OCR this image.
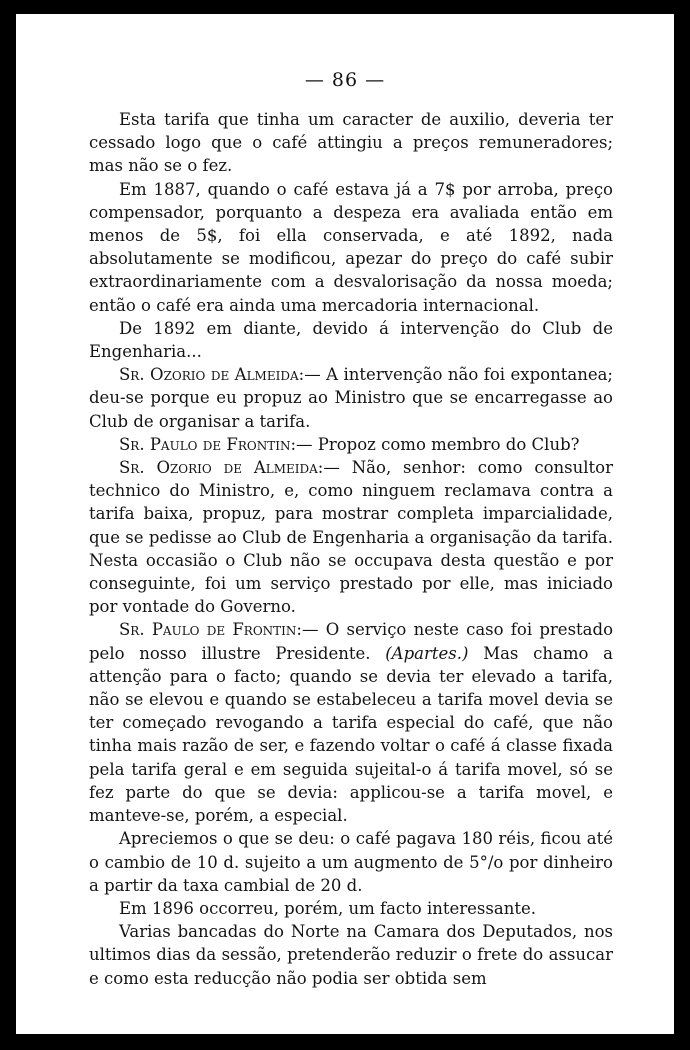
— 86 —

Esta tarifa que tinha um caracter de auxilio, deveria ter cessado logo que o café attingiu a preços remuneradores; mas não se o fez.

Em 1887, quando o café estava já a 7$ por arroba, preço compensador, porquanto a despeza era avaliada então em menos de 5$, foi ella conservada, e até 1892, nada absolutamente se modificou, apezar do preço do café subir extraordinariamente com a desvalorisação da nossa moeda; então o café era ainda uma mercadoria internacional.

De 1892 em diante, devido á intervenção do Club de Engenharia...

Sr. Ozorio de Almeida:— A intervenção não foi expontanea; deu-se porque eu propuz ao Ministro que se encarregasse ao Club de organisar a tarifa.

Sr. Paulo de Frontin:— Propoz como membro do Club?

Sr. Ozorio de Almeida:— Não, senhor: como consultor technico do Ministro, e, como ninguem reclamava contra a tarifa baixa, propuz, para mostrar completa imparcialidade, que se pedisse ao Club de Engenharia a organisação da tarifa. Nesta occasião o Club não se occupava desta questão e por conseguinte, foi um serviço prestado por elle, mas iniciado por vontade do Governo.

Sr. Paulo de Frontin:— O serviço neste caso foi prestado pelo nosso illustre Presidente. (Apartes.) Mas chamo a attenção para o facto; quando se devia ter elevado a tarifa, não se elevou e quando se estabeleceu a tarifa movel devia se ter começado revogando a tarifa especial do café, que não tinha mais razão de ser, e fazendo voltar o café á classe fixada pela tarifa geral e em seguida sujeital-o á tarifa movel, só se fez parte do que se devia: applicou-se a tarifa movel, e manteve-se, porém, a especial.

Apreciemos o que se deu: o café pagava 180 réis, ficou até o cambio de 10 d. sujeito a um augmento de 5°/o por dinheiro a partir da taxa cambial de 20 d.

Em 1896 occorreu, porém, um facto interessante.

Varias bancadas do Norte na Camara dos Deputados, nos ultimos dias da sessão, pretenderão reduzir o frete do assucar e como esta reducção não podia ser obtida sem
